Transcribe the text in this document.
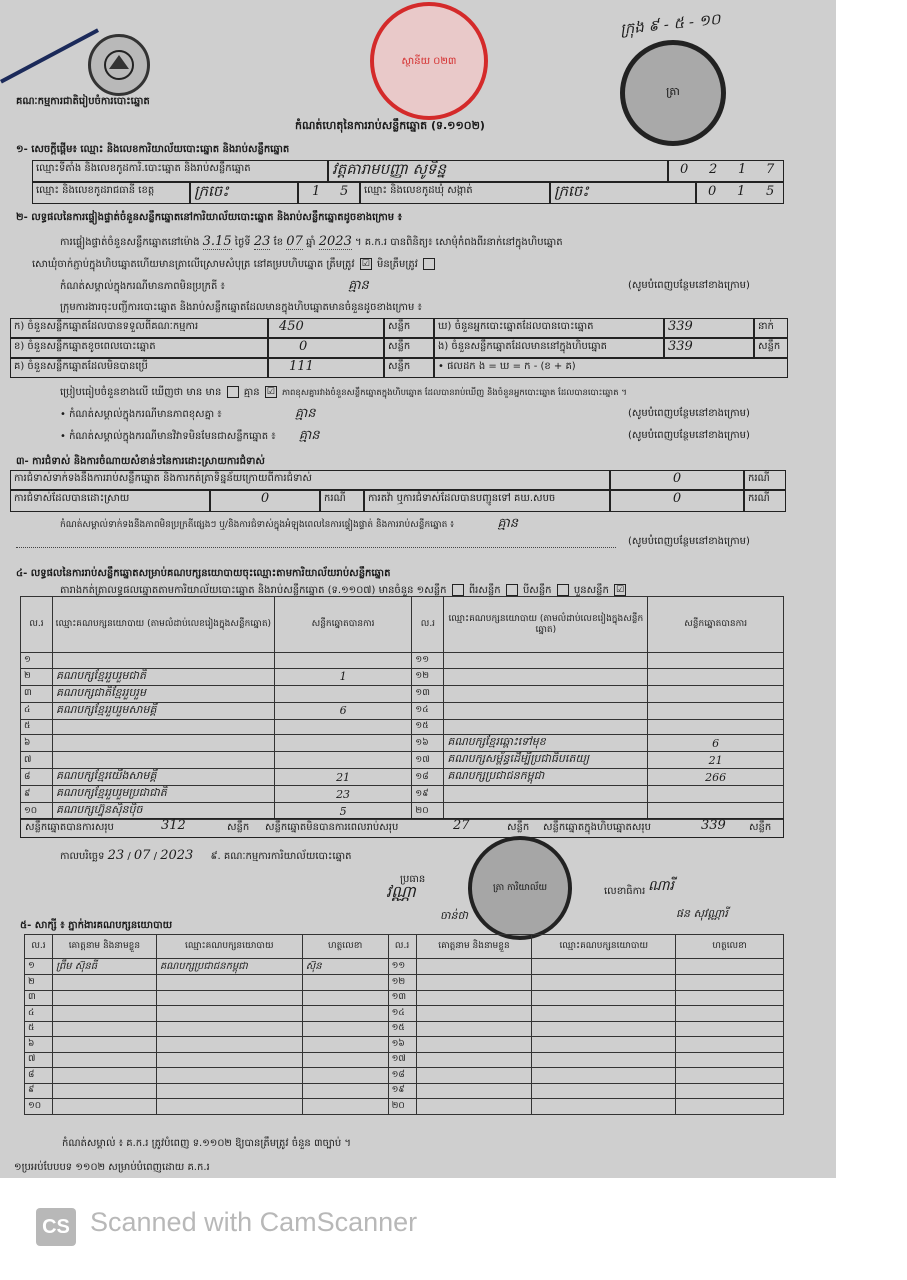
ស្ថានីយ ០២៣
ត្រា
ក្រុង ៩ - ៥ - ១០
គណៈកម្មការជាតិរៀបចំការបោះឆ្នោត
កំណត់ហេតុនៃការរាប់សន្លឹកឆ្នោត (ទ.១១០២)
១- សេចក្ដីផ្ដើម៖ ឈ្មោះ និងលេខការិយាល័យបោះឆ្នោត និងរាប់សន្លឹកឆ្នោត
ឈ្មោះទីតាំង និងលេខកូដការិ.បោះឆ្នោត និងរាប់សន្លឹកឆ្នោត	វត្តគារាមបញ្ញា សូទិន្ន	0 2 1 7
ឈ្មោះ និងលេខកូដរាជធានី ខេត្ត	ក្រចេះ	1 5	ឈ្មោះ និងលេខកូដឃុំ សង្កាត់	ក្រចេះ	0 1 5
២- លទ្ធផលនៃការផ្ទៀងផ្ទាត់ចំនួនសន្លឹកឆ្នោតនៅការិយាល័យបោះឆ្នោត និងរាប់សន្លឹកឆ្នោតដូចខាងក្រោម ៖
ការផ្ទៀងផ្ទាត់ចំនួនសន្លឹកឆ្នោតនៅម៉ោង 3.15 ថ្ងៃទី 23 ខែ 07 ឆ្នាំ 2023 ។ គ.ក.រ បានពិនិត្យ៖ សោមុំកំពងពីរនាក់នៅក្នុងហិបឆ្នោត
សោឃុំចាក់ភ្ជាប់ក្នុងហិបឆ្នោតហើយមានត្រាលើស្រោមសំបុត្រ នៅគម្របហិបឆ្នោត ត្រឹមត្រូវ ☑ មិនត្រឹមត្រូវ
កំណត់សម្គាល់ក្នុងករណីមានភាពមិនប្រក្រតី ៖	គ្មាន	(សូមបំពេញបន្ថែមនៅខាងក្រោម)
ក្រុមការងារចុះបញ្ជីការបោះឆ្នោត និងរាប់សន្លឹកឆ្នោតដែលមានក្នុងហិបឆ្នោតមានចំនួនដូចខាងក្រោម ៖
ក) ចំនួនសន្លឹកឆ្នោតដែលបានទទួលពីគណៈកម្មការ	450	សន្លឹក	ឃ) ចំនួនអ្នកបោះឆ្នោតដែលបានបោះឆ្នោត	339	នាក់
ខ) ចំនួនសន្លឹកឆ្នោតខូចពេលបោះឆ្នោត	0	សន្លឹក	ង) ចំនួនសន្លឹកឆ្នោតដែលមាននៅក្នុងហិបឆ្នោត	339	សន្លឹក
គ) ចំនួនសន្លឹកឆ្នោតដែលមិនបានប្រើ	111	សន្លឹក	• ផលដក ង = ឃ = ក - (ខ + គ)
ប្រៀបធៀបចំនួនខាងលើ ឃើញថា មាន មាន គ្មាន ☑ ភាពខុសគ្នារវាងចំនួនសន្លឹកឆ្នោតក្នុងហិបឆ្នោត ដែលបានរាប់ឃើញ និងចំនួនអ្នកបោះឆ្នោត ដែលបានបោះឆ្នោត ។
• កំណត់សម្គាល់ក្នុងករណីមានភាពខុសគ្នា ៖	គ្មាន	(សូមបំពេញបន្ថែមនៅខាងក្រោម)
• កំណត់សម្គាល់ក្នុងករណីមានវិវាទមិនមែនជាសន្លឹកឆ្នោត ៖ គ្មាន	(សូមបំពេញបន្ថែមនៅខាងក្រោម)
៣- ការជំទាស់ និងការចំណាយសំខាន់ៗនៃការដោះស្រាយការជំទាស់
ការជំទាស់ទាក់ទងនឹងការរាប់សន្លឹកឆ្នោត និងការកត់ត្រាទិន្នន័យក្រោយពីការជំទាស់	0	ករណី
ការជំទាស់ដែលបានដោះស្រាយ	0	ករណី	ការតវ៉ា ឬការជំទាស់ដែលបានបញ្ជូនទៅ គឃ.សបច	0	ករណី
កំណត់សម្គាល់ទាក់ទងនឹងភាពមិនប្រក្រតីផ្សេងៗ ឬ/និងការជំទាស់ក្នុងអំឡុងពេលនៃការផ្ទៀងផ្ទាត់ និងការរាប់សន្លឹកឆ្នោត ៖	គ្មាន
(សូមបំពេញបន្ថែមនៅខាងក្រោម)
៤- លទ្ធផលនៃការរាប់សន្លឹកឆ្នោតសម្រាប់គណបក្សនយោបាយចុះឈ្មោះតាមការិយាល័យរាប់សន្លឹកឆ្នោត
តារាងកត់ត្រាលទ្ធផលឆ្នោតតាមការិយាល័យបោះឆ្នោត និងរាប់សន្លឹកឆ្នោត (ទ.១១០៧) មានចំនួន ១សន្លឹក ពីរសន្លឹក បីសន្លឹក បួនសន្លឹក ☑
ល.រ	ឈ្មោះគណបក្សនយោបាយ (តាមលំដាប់លេខរៀងក្នុងសន្លឹកឆ្នោត)	សន្លឹកឆ្នោតបានការ	ល.រ	ឈ្មោះគណបក្សនយោបាយ (តាមលំដាប់លេខរៀងក្នុងសន្លឹកឆ្នោត)	សន្លឹកឆ្នោតបានការ
១			១១		
២	គណបក្សខ្មែររួបរួមជាតិ	1	១២		
៣	គណបក្សជាតិខ្មែររួបរួម		១៣		
៤	គណបក្សខ្មែររួបរួមសាមគ្គី	6	១៤		
៥			១៥		
៦			១៦	គណបក្សខ្មែរឆ្ពោះទៅមុខ	6
៧			១៧	គណបក្សសម្ព័ន្ធដើម្បីប្រជាធិបតេយ្យ	21
៨	គណបក្សខ្មែរយើងសាមគ្គី	21	១៨	គណបក្សប្រជាជនកម្ពុជា	266
៩	គណបក្សខ្មែររួបរួមប្រជាជាតិ	23	១៩		
១០	គណបក្សហ្វ៊ុនស៊ិនប៉ិច	5	២០		
សន្លឹកឆ្នោតបានការសរុប	312	សន្លឹក សន្លឹកឆ្នោតមិនបានការពេលរាប់សរុប	27	សន្លឹក សន្លឹកឆ្នោតក្នុងហិបឆ្នោតសរុប	339 សន្លឹក
កាលបរិច្ឆេទ 23 / 07 / 2023 ៩. គណៈកម្មការការិយាល័យបោះឆ្នោត
ត្រា ការិយាល័យ
ប្រធាន
វណ្ណា
ចាន់ថា
លេខាធិការ ណារី
ផន សុវណ្ណារី
៥- សាក្សី ៖ ភ្នាក់ងារគណបក្សនយោបាយ
ល.រ	គោត្តនាម និងនាមខ្លួន	ឈ្មោះគណបក្សនយោបាយ	ហត្ថលេខា	ល.រ	គោត្តនាម និងនាមខ្លួន	ឈ្មោះគណបក្សនយោបាយ	ហត្ថលេខា
១	ព្រឹម ស៊ុនធី	គណបក្សប្រជាជនកម្ពុជា	ស៊ុន	១១			
២				១២			
៣				១៣			
៤				១៤			
៥				១៥			
៦				១៦			
៧				១៧			
៨				១៨			
៩				១៩			
១០				២០			
កំណត់សម្គាល់ ៖ គ.ក.រ ត្រូវបំពេញ ទ.១១០២ ឱ្យបានត្រឹមត្រូវ ចំនួន ៣ច្បាប់ ។
១ប្រអប់បែបបទ ១១០២ សម្រាប់បំពេញដោយ គ.ក.រ
CS Scanned with CamScanner
